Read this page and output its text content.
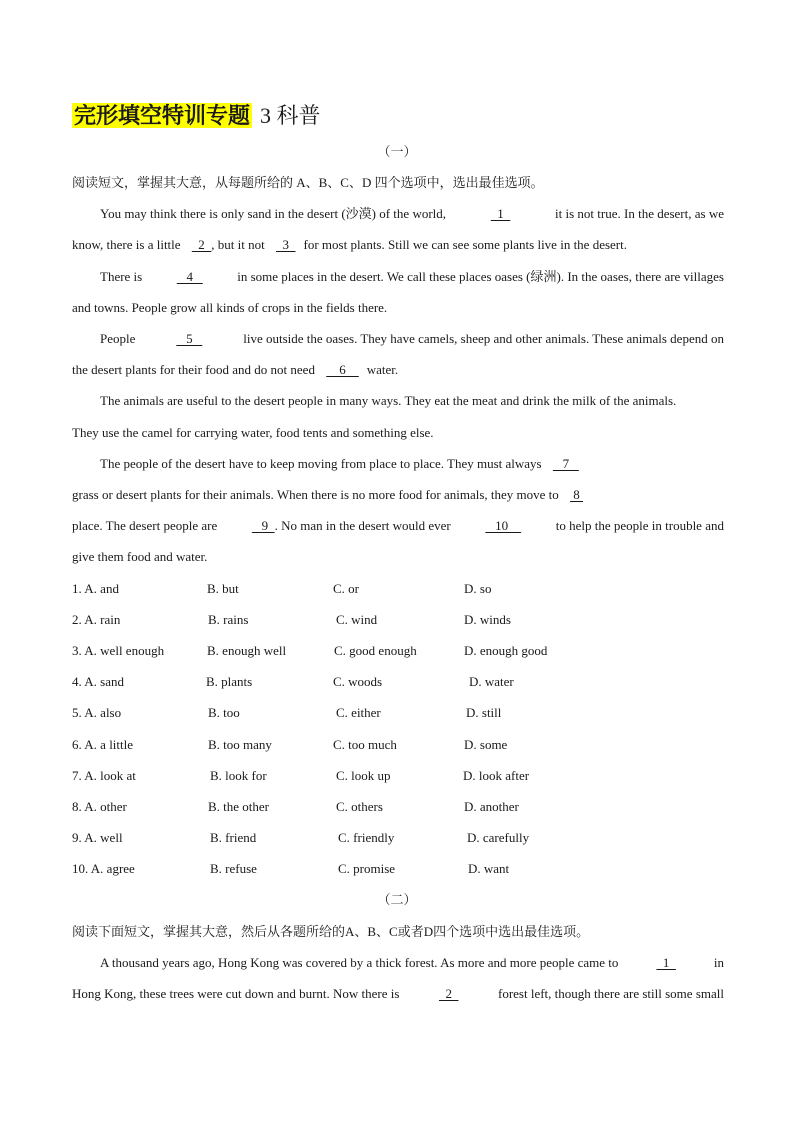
完形填空特训专题 3 科普
（一）
阅读短文，掌握其大意，从每题所给的 A、B、C、D 四个选项中，选出最佳选项。
You may think there is only sand in the desert (沙漠) of the world,	1	it is not true. In the desert, as we
know, there is a little   2  , but it not   3  for most plants. Still we can see some plants live in the desert.
There is	4	in some places in the desert. We call these places oases (绿洲). In the oases, there are villages
and towns. People grow all kinds of crops in the fields there.
People	5	live outside the oases. They have camels, sheep and other animals. These animals depend on
the desert plants for their food and do not need     6    water.
The animals are useful to the desert people in many ways. They eat the meat and drink the milk of the animals.
They use the camel for carrying water, food tents and something else.
The people of the desert have to keep moving from place to place. They must always    7
grass or desert plants for their animals. When there is no more food for animals, they move to  8
place. The desert people are	9  . No man in the desert would ever	10	to help the people in trouble and
give them food and water.
1. A. and	B. but	C. or	D. so
2. A. rain	B. rains	C. wind	D. winds
3. A. well enough	B. enough well	C. good enough	D. enough good
4. A. sand	B. plants	C. woods	D. water
5. A. also	B. too	C. either	D. still
6. A. a little	B. too many	C. too much	D. some
7. A. look at	B. look for	C. look up	D. look after
8. A. other	B. the other	C. others	D. another
9. A. well	B. friend	C. friendly	D. carefully
10. A. agree	B. refuse	C. promise	D. want
（二）
阅读下面短文，掌握其大意，然后从各题所给的A、B、C或者D四个选项中选出最佳选项。
A thousand years ago, Hong Kong was covered by a thick forest. As more and more people came to	1	in
Hong Kong, these trees were cut down and burnt. Now there is	2	forest left, though there are still some small
